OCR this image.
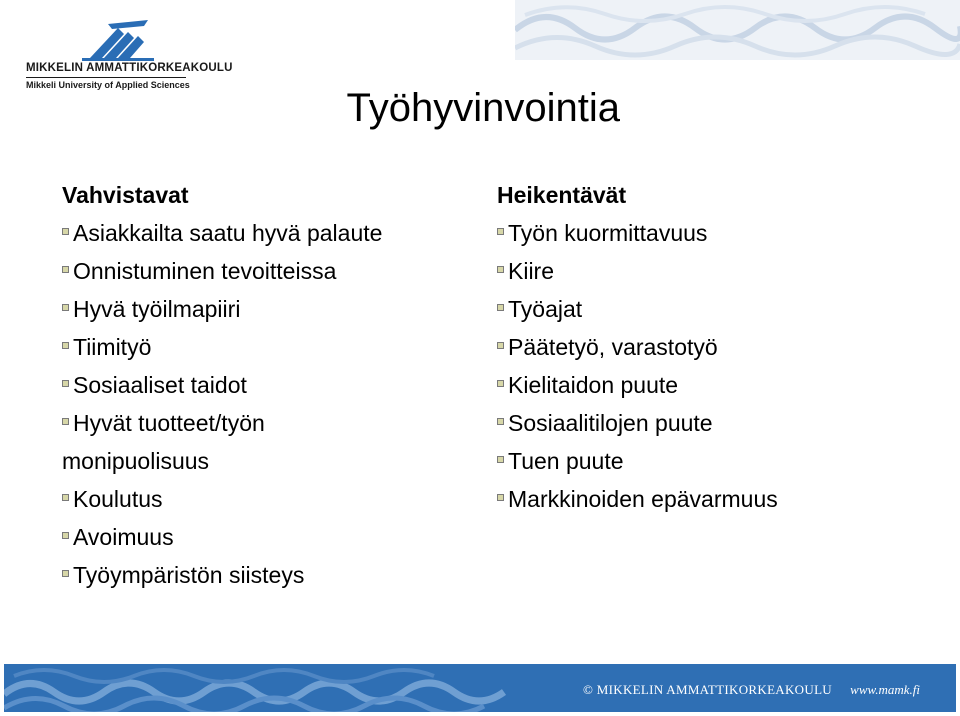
MIKKELIN AMMATTIKORKEAKOULU
Mikkeli University of Applied Sciences
Työhyvinvointia
Vahvistavat
Asiakkailta saatu hyvä palaute
Onnistuminen tevoitteissa
Hyvä työilmapiiri
Tiimityö
Sosiaaliset taidot
Hyvät tuotteet/työn monipuolisuus
Koulutus
Avoimuus
Työympäristön siisteys
Heikentävät
Työn kuormittavuus
Kiire
Työajat
Päätetyö, varastotyö
Kielitaidon puute
Sosiaalitilojen puute
Tuen puute
Markkinoiden epävarmuus
© MIKKELIN AMMATTIKORKEAKOULU www.mamk.fi
